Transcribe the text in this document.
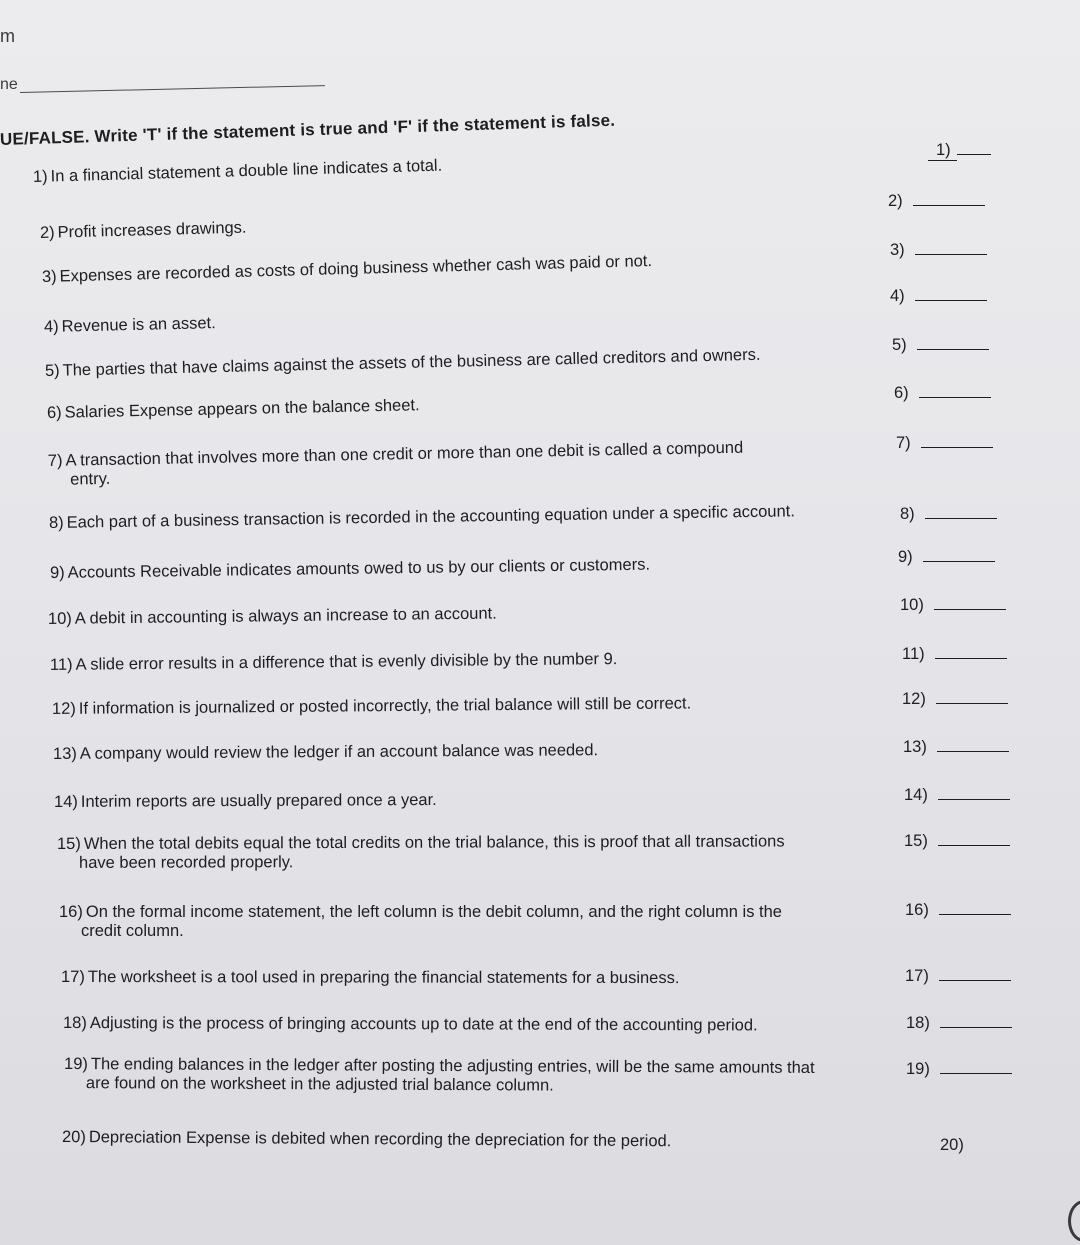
m
ne
UE/FALSE. Write 'T' if the statement is true and 'F' if the statement is false.
1) In a financial statement a double line indicates a total.
2) Profit increases drawings.
3) Expenses are recorded as costs of doing business whether cash was paid or not.
4) Revenue is an asset.
5) The parties that have claims against the assets of the business are called creditors and owners.
6) Salaries Expense appears on the balance sheet.
7) A transaction that involves more than one credit or more than one debit is called a compound
entry.
8) Each part of a business transaction is recorded in the accounting equation under a specific account.
9) Accounts Receivable indicates amounts owed to us by our clients or customers.
10) A debit in accounting is always an increase to an account.
11) A slide error results in a difference that is evenly divisible by the number 9.
12) If information is journalized or posted incorrectly, the trial balance will still be correct.
13) A company would review the ledger if an account balance was needed.
14) Interim reports are usually prepared once a year.
15) When the total debits equal the total credits on the trial balance, this is proof that all transactions
have been recorded properly.
16) On the formal income statement, the left column is the debit column, and the right column is the
credit column.
17) The worksheet is a tool used in preparing the financial statements for a business.
18) Adjusting is the process of bringing accounts up to date at the end of the accounting period.
19) The ending balances in the ledger after posting the adjusting entries, will be the same amounts that
are found on the worksheet in the adjusted trial balance column.
20) Depreciation Expense is debited when recording the depreciation for the period.
1)
2)
3)
4)
5)
6)
7)
8)
9)
10)
11)
12)
13)
14)
15)
16)
17)
18)
19)
20)
